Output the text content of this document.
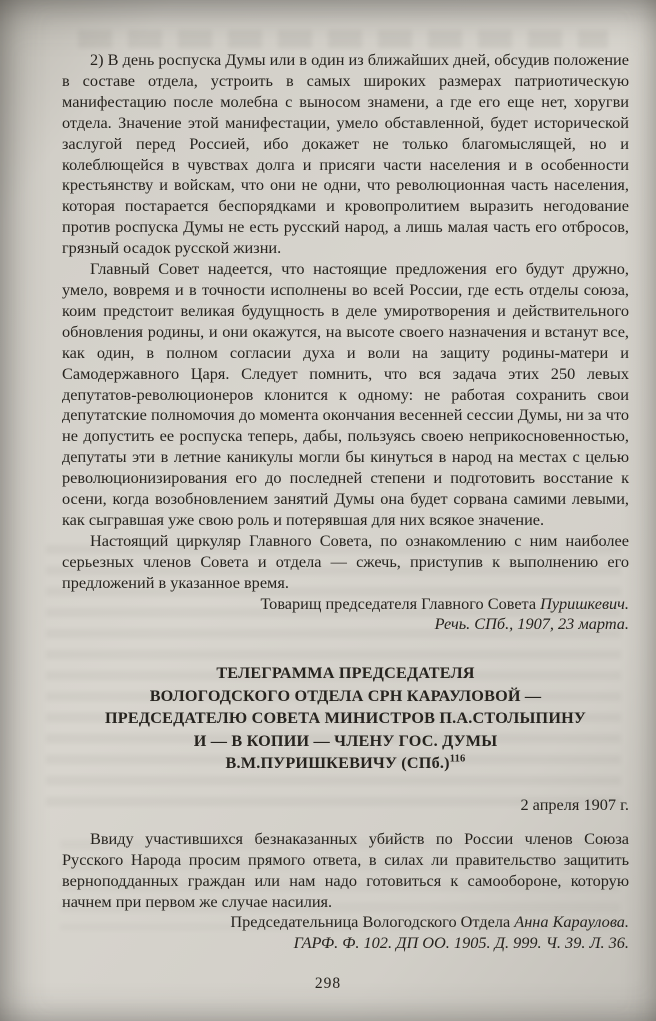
2) В день роспуска Думы или в один из ближайших дней, обсудив положение в составе отдела, устроить в самых широких размерах патриотическую манифестацию после молебна с выносом знамени, а где его еще нет, хоругви отдела. Значение этой манифестации, умело обставленной, будет исторической заслугой перед Россией, ибо докажет не только благомыслящей, но и колеблющейся в чувствах долга и присяги части населения и в особенности крестьянству и войскам, что они не одни, что революционная часть населения, которая постарается беспорядками и кровопролитием выразить негодование против роспуска Думы не есть русский народ, а лишь малая часть его отбросов, грязный осадок русской жизни.

Главный Совет надеется, что настоящие предложения его будут дружно, умело, вовремя и в точности исполнены во всей России, где есть отделы союза, коим предстоит великая будущность в деле умиротворения и действительного обновления родины, и они окажутся, на высоте своего назначения и встанут все, как один, в полном согласии духа и воли на защиту родины-матери и Самодержавного Царя. Следует помнить, что вся задача этих 250 левых депутатов-революционеров клонится к одному: не работая сохранить свои депутатские полномочия до момента окончания весенней сессии Думы, ни за что не допустить ее роспуска теперь, дабы, пользуясь своею неприкосновенностью, депутаты эти в летние каникулы могли бы кинуться в народ на местах с целью революционизирования его до последней степени и подготовить восстание к осени, когда возобновлением занятий Думы она будет сорвана самими левыми, как сыгравшая уже свою роль и потерявшая для них всякое значение.

Настоящий циркуляр Главного Совета, по ознакомлению с ним наиболее серьезных членов Совета и отдела — сжечь, приступив к выполнению его предложений в указанное время.

Товарищ председателя Главного Совета Пуришкевич.

Речь. СПб., 1907, 23 марта.

ТЕЛЕГРАММА ПРЕДСЕДАТЕЛЯ
ВОЛОГОДСКОГО ОТДЕЛА СРН КАРАУЛОВОЙ —
ПРЕДСЕДАТЕЛЮ СОВЕТА МИНИСТРОВ П.А.СТОЛЫПИНУ
И — В КОПИИ — ЧЛЕНУ ГОС. ДУМЫ
В.М.ПУРИШКЕВИЧУ (СПб.)$^{116}$

2 апреля 1907 г.

Ввиду участившихся безнаказанных убийств по России членов Союза Русского Народа просим прямого ответа, в силах ли правительство защитить верноподданных граждан или нам надо готовиться к самообороне, которую начнем при первом же случае насилия.

Председательница Вологодского Отдела Анна Караулова.

ГАРФ. Ф. 102. ДП ОО. 1905. Д. 999. Ч. 39. Л. 36.

298
